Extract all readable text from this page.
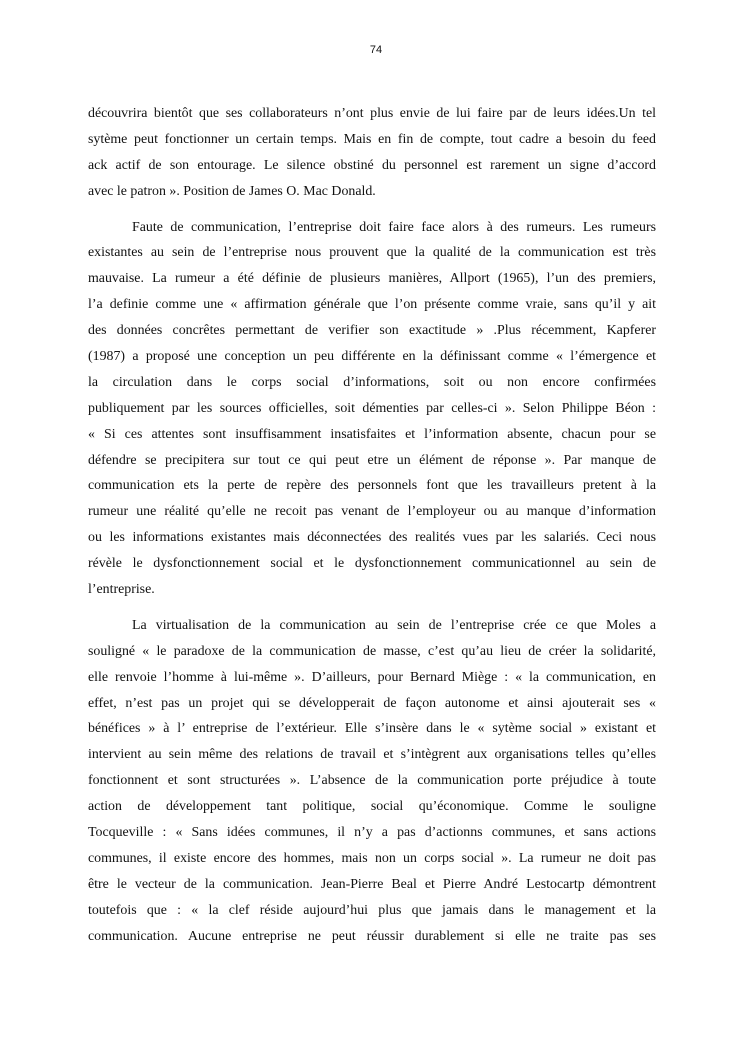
74
découvrira bientôt que ses collaborateurs n’ont plus envie de lui faire par de leurs idées.Un tel
sytème peut fonctionner un certain temps. Mais en fin de compte, tout cadre a besoin du feed
ack actif de son entourage. Le silence obstiné du personnel est rarement un signe d’accord
avec le patron ». Position de James O. Mac Donald.
Faute de communication, l’entreprise doit faire face alors à des rumeurs. Les rumeurs
existantes au sein de l’entreprise nous prouvent que la qualité de la communication est très
mauvaise. La rumeur a été définie de plusieurs manières, Allport (1965), l’un des premiers,
l’a definie comme une « affirmation générale que l’on présente comme vraie, sans qu’il y ait
des données concrêtes permettant de verifier son exactitude » .Plus récemment, Kapferer
(1987) a proposé une conception un peu différente en la définissant comme « l’émergence et
la circulation dans le corps social d’informations, soit ou non encore confirmées
publiquement par les sources officielles, soit démenties par celles-ci ». Selon Philippe Béon :
« Si ces attentes sont insuffisamment insatisfaites et l’information absente, chacun pour se
défendre se precipitera sur tout ce qui peut etre un élément de réponse ». Par manque de
communication ets la perte de repère des personnels font que les travailleurs pretent à la
rumeur une réalité qu’elle ne recoit pas venant de l’employeur ou au manque d’information
ou les informations existantes mais déconnectées des realités vues par les salariés. Ceci nous
révèle le dysfonctionnement social et le dysfonctionnement communicationnel au sein de
l’entreprise.
La virtualisation de la communication au sein de l’entreprise crée ce que Moles a
souligné « le paradoxe de la communication de masse, c’est qu’au lieu de créer la solidarité,
elle renvoie l’homme à lui-même ». D’ailleurs, pour Bernard Miège : « la communication, en
effet, n’est pas un projet qui se développerait de façon autonome et ainsi ajouterait ses «
bénéfices » à l’ entreprise de l’extérieur. Elle s’insère dans le « sytème social » existant et
intervient au sein même des relations de travail et s’intègrent aux organisations telles qu’elles
fonctionnent et sont structurées ». L’absence de la communication porte préjudice à toute
action de développement tant politique, social qu’économique. Comme le souligne
Tocqueville : « Sans idées communes, il n’y a pas d’actionns communes, et sans actions
communes, il existe encore des hommes, mais non un corps social ». La rumeur ne doit pas
être le vecteur de la communication. Jean-Pierre Beal et Pierre André Lestocartp démontrent
toutefois que : « la clef réside aujourd’hui plus que jamais dans le management et la
communication. Aucune entreprise ne peut réussir durablement si elle ne traite pas ses
